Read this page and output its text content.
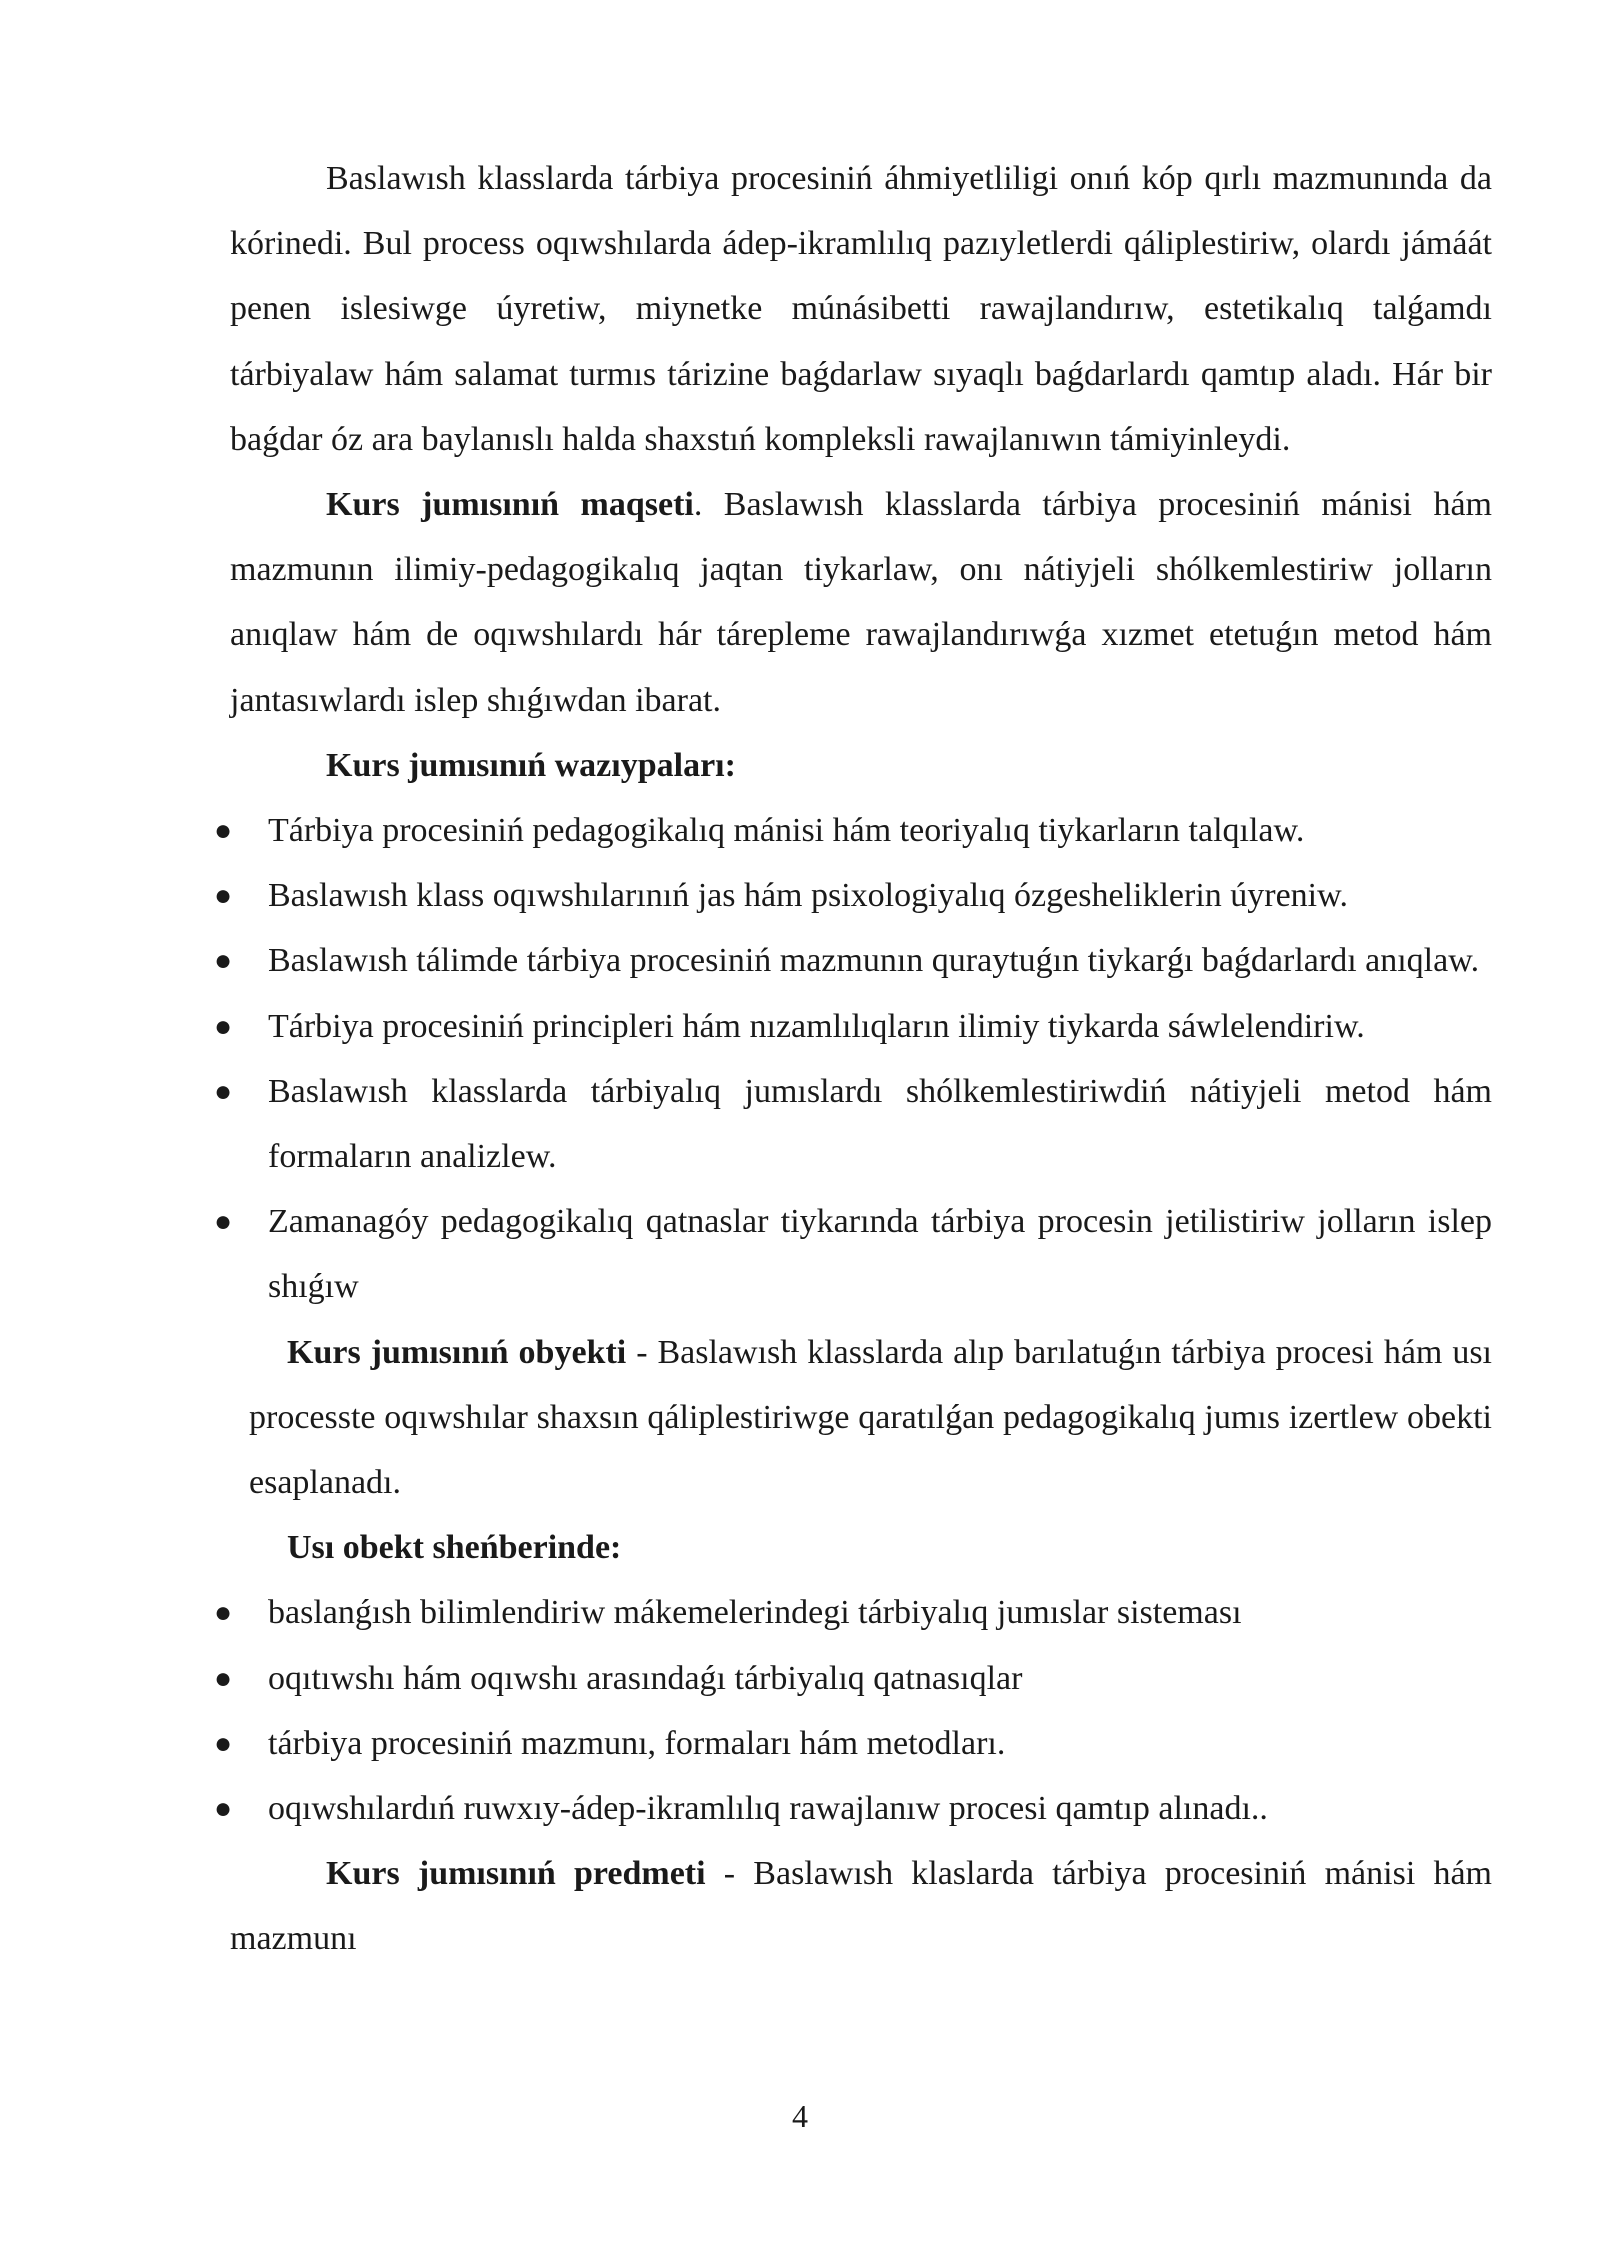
Baslawısh klasslarda tárbiya procesiniń áhmiyetliligi onıń kóp qırlı mazmunında da kórinedi. Bul process oqıwshılarda ádep-ikramlılıq pazıyletlerdi qáliplestiriw, olardı jámáát penen islesiwge úyretiw, miynetke múnásibetti rawajlandırıw, estetikalıq talǵamdı tárbiyalaw hám salamat turmıs tárizine baǵdarlaw sıyaqlı baǵdarlardı qamtıp aladı. Hár bir baǵdar óz ara baylanıslı halda shaxstıń kompleksli rawajlanıwın támiyinleydi.

Kurs jumısınıń maqseti. Baslawısh klasslarda tárbiya procesiniń mánisi hám mazmunın ilimiy-pedagogikalıq jaqtan tiykarlaw, onı nátiyjeli shólkemlestiriw jolların anıqlaw hám de oqıwshılardı hár tárepleme rawajlandırıwǵa xızmet etetuǵın metod hám jantasıwlardı islep shıǵıwdan ibarat.

Kurs jumısınıń wazıypaları:

● Tárbiya procesiniń pedagogikalıq mánisi hám teoriyalıq tiykarların talqılaw.
● Baslawısh klass oqıwshılarınıń jas hám psixologiyalıq ózgesheliklerin úyreniw.
● Baslawısh tálimde tárbiya procesiniń mazmunın quraytuǵın tiykarǵı baǵdarlardı anıqlaw.
● Tárbiya procesiniń principleri hám nızamlılıqların ilimiy tiykarda sáwlelendiriw.
● Baslawısh klasslarda tárbiyalıq jumıslardı shólkemlestiriwdiń nátiyjeli metod hám formaların analizlew.
● Zamanagóy pedagogikalıq qatnaslar tiykarında tárbiya procesin jetilistiriw jolların islep shıǵıw

Kurs jumısınıń obyekti - Baslawısh klasslarda alıp barılatuǵın tárbiya procesi hám usı processte oqıwshılar shaxsın qáliplestiriwge qaratılǵan pedagogikalıq jumıs izertlew obekti esaplanadı.

Usı obekt sheńberinde:

● baslanǵısh bilimlendiriw mákemelerindegi tárbiyalıq jumıslar sisteması
● oqıtıwshı hám oqıwshı arasındaǵı tárbiyalıq qatnasıqlar
● tárbiya procesiniń mazmunı, formaları hám metodları.
● oqıwshılardıń ruwxıy-ádep-ikramlılıq rawajlanıw procesi qamtıp alınadı..

Kurs jumısınıń predmeti - Baslawısh klaslarda tárbiya procesiniń mánisi hám mazmunı

4
